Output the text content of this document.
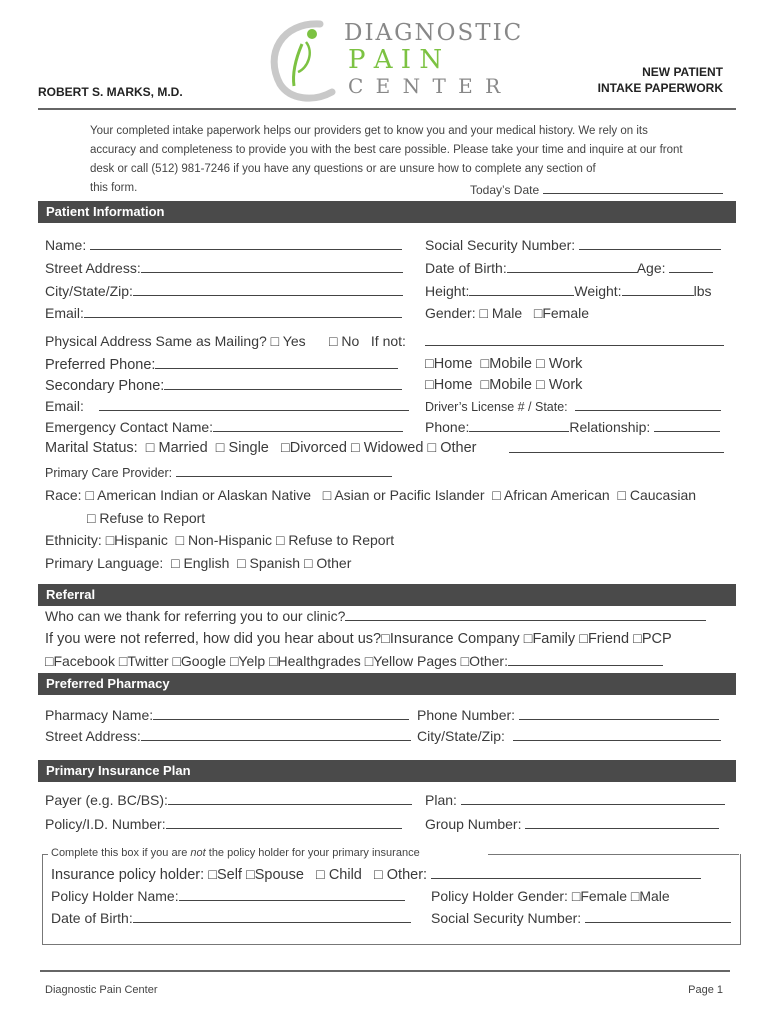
DIAGNOSTIC
P A I N
C E N T E R
ROBERT S. MARKS, M.D.
NEW PATIENT
INTAKE PAPERWORK
Your completed intake paperwork helps our providers get to know you and your medical history. We rely on its
accuracy and completeness to provide you with the best care possible. Please take your time and inquire at our front
desk or call (512) 981-7246 if you have any questions or are unsure how to complete any section of
this form.	Today’s Date
Patient Information
Name:	Social Security Number:
Street Address:	Date of Birth:	Age:
City/State/Zip:	Height:	Weight:	lbs
Email:	Gender: □ Male □ Female
Physical Address Same as Mailing? □ Yes □	No If not:
Preferred Phone: □	Home □ Mobile □ Work
Secondary Phone: □	Home □ Mobile □ Work
Email:	Driver’s License # / State:
Emergency Contact Name:	Phone:	Relationship:
Marital Status: □ Married □ Single □ Divorced □ Widowed □ Other
Primary Care Provider:
Race: □ American Indian or Alaskan Native □ Asian or Pacific Islander □ African American □ Caucasian
□ Refuse to Report
Ethnicity: □ Hispanic □ Non-Hispanic □ Refuse to Report
Primary Language: □ English □ Spanish □ Other
Referral
Who can we thank for referring you to our clinic?
If you were not referred, how did you hear about us? □ Insurance Company □ Family □ Friend □ PCP
□ Facebook □ Twitter □ Google □ Yelp □ Healthgrades □ Yellow Pages □ Other:
Preferred Pharmacy
Pharmacy Name:	Phone Number:
Street Address:	City/State/Zip:
Primary Insurance Plan
Payer (e.g. BC/BS):	Plan:
Policy/I.D. Number:	Group Number:
Complete this box if you are not the policy holder for your primary insurance
Insurance policy holder: □ Self □ Spouse □ Child □ Other:
Policy Holder Name:	Policy Holder Gender: □ Female □ Male
Date of Birth:	Social Security Number:
Diagnostic Pain Center	Page 1
